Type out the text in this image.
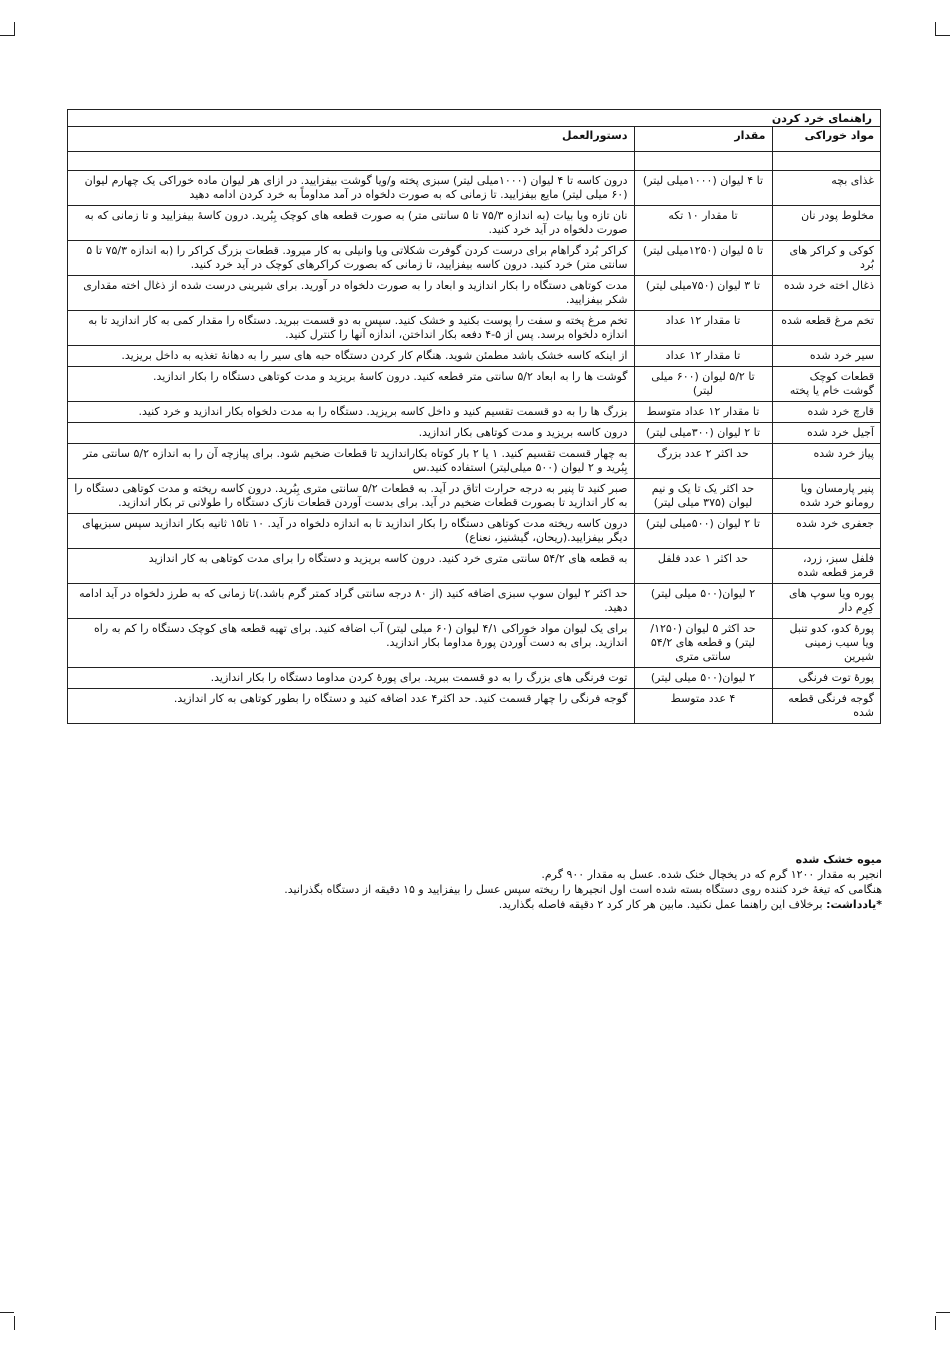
راهنمای خرد کردن
مواد خوراکی	مقدار	دستورالعمل

غذای بچه	تا ۴ لیوان (۱۰۰۰میلی لیتر)	درون کاسه تا ۴ لیوان (۱۰۰۰میلی لیتر) سبزی پخته و/ویا گوشت بیفزایید. در ازای هر لیوان ماده خوراکی یک چهارم لیوان (۶۰ میلی لیتر) مایع بیفزایید. تا زمانی که به صورت دلخواه در آمد مداوماً به خرد کردن ادامه دهید
مخلوط پودر نان	تا مقدار ۱۰ تکه	نان تازه ویا بیات (به اندازه ۷۵/۳ تا ۵ سانتی متر) به صورت قطعه های کوچک بِبُرید. درون کاسهٔ بیفزایید و تا زمانی که به صورت دلخواه در آید خرد کنید.
کوکی و کراکر های بُرد	تا ۵ لیوان (۱۲۵۰میلی لیتر)	کراکر بُرد گراهام برای درست کردن گوفرت شکلاتی ویا وانیلی به کار میرود. قطعات بزرگ کراکر را (به اندازه ۷۵/۳ تا ۵ سانتی متر) خرد کنید. درون کاسه بیفزایید، تا زمانی که بصورت کراکرهای کوچک در آید خرد کنید.
ذغال اخته خرد شده	تا ۳ لیوان (۷۵۰میلی لیتر)	مدت کوتاهی دستگاه را بکار اندازید و ابعاد را به صورت دلخواه در آورید. برای شیرینی درست شده از ذغال اخته مقداری شکر بیفزایید.
تخم مرغ قطعه شده	تا مقدار ۱۲ عداد	تخم مرغ پخته و سفت را پوست بکنید و خشک کنید. سپس به دو قسمت ببرید. دستگاه را مقدار کمی به کار اندازید تا به اندازه دلخواه برسد. پس از ۵-۴ دفعه بکار انداختن، اندازه آنها را کنترل کنید.
سیر خرد شده	تا مقدار ۱۲ عداد	از اینکه کاسه خشک باشد مطمئن شوید. هنگام کار کردن دستگاه حبه های سیر را به دهانهٔ تغذیه به داخل بریزید.
قطعات کوچک گوشت خام یا پخته	تا ۵/۲ لیوان (۶۰۰ میلی لیتر)	گوشت ها را به ابعاد ۵/۲ سانتی متر قطعه کنید. درون کاسهٔ بریزید و مدت کوتاهی دستگاه را بکار اندازید.
قارچ خرد شده	تا مقدار ۱۲ عداد متوسط	بزرگ ها را به دو قسمت تقسیم کنید و داخل کاسه بریزید. دستگاه را به مدت دلخواه بکار اندازید و خرد کنید.
آجیل خرد شده	تا ۲ لیوان (۳۰۰میلی لیتر)	درون کاسه بریزید و مدت کوتاهی بکار اندازید.
پیاز خرد شده	حد اکثر ۲ عدد بزرگ	به چهار قسمت تقسیم کنید. ۱ یا ۲ بار کوتاه بکاراندازید تا قطعات ضخیم شود. برای پیازچه آن را به اندازه ۵/۲ سانتی متر بِبُرید و ۲ لیوان (۵۰۰ میلی‌لیتر) استفاده کنید.س
پنیر پارمسان ویا رومانو خرد شده	حد اکثر یک تا یک و نیم لیوان (۳۷۵ میلی لیتر)	صبر کنید تا پنیر به درجه حرارت اتاق در آید. به قطعات ۵/۲ سانتی متری بِبُرید. درون کاسه ریخته و مدت کوتاهی دستگاه را به کار اندازید تا بصورت قطعات ضخیم در آید. برای بدست آوردن قطعات نازک دستگاه را طولانی تر بکار اندازید.
جعفری خرد شده	تا ۲ لیوان (۵۰۰میلی لیتر)	درون کاسه ریخته مدت کوتاهی دستگاه را بکار اندازید تا به اندازه دلخواه در آید. ۱۰ تا۱۵ ثانیه بکار اندازید سپس سبزیهای دیگر بیفزایید.(ریحان، گیشنیز، نعناع)
فلفل سبز، زرد، قرمز قطعه شده	حد اکثر ۱ عدد فلفل	به قطعه های ۵۴/۲ سانتی متری خرد کنید. درون کاسه بریزید و دستگاه را برای مدت کوتاهی به کار اندازید
پوره ویا سوپ های کِرِم دار	۲ لیوان(۵۰۰ میلی لیتر)	حد اکثر ۲ لیوان سوپ سبزی اضافه کنید (از ۸۰ درجه سانتی گراد کمتر گرم باشد.)تا زمانی که به طرز دلخواه در آید ادامه دهید.
پورهٔ کدو، کدو تنبل ویا سیب زمینی شیرین	حد اکثر ۵ لیوان (۱۲۵۰/ لیتر) و قطعه های ۵۴/۲ سانتی متری	برای یک لیوان مواد خوراکی ۴/۱ لیوان (۶۰ میلی لیتر) آب اضافه کنید. برای تهیه قطعه های کوچک دستگاه را کم به راه اندازید. برای به دست آوردن پورهٔ مداوما بکار اندازید.
پورهٔ توت فرنگی	۲ لیوان(۵۰۰ میلی لیتر)	توت فرنگی های بزرگ را به دو قسمت ببرید. برای پورهٔ کردن مداوما دستگاه را بکار اندازید.
گوجه فرنگی قطعه شده	۴ عدد متوسط	گوجه فرنگی را چهار قسمت کنید. حد اکثر۴ عدد اضافه کنید و دستگاه را بطور کوتاهی به کار اندازید.
میوه خشک شده
انجیر به مقدار ۱۲۰۰ گرم که در یخچال خنک شده. عسل به مقدار ۹۰۰ گرم.
هنگامی که تیغهٔ خرد کننده روی دستگاه بسته شده است اول انجیرها را ریخته سپس عسل را بیفزایید و ۱۵ دقیقه از دستگاه بگذرانید.
*یادداشت: برخلاف این راهنما عمل نکنید. مابین هر کار کرد ۲ دقیقه فاصله بگذارید.
